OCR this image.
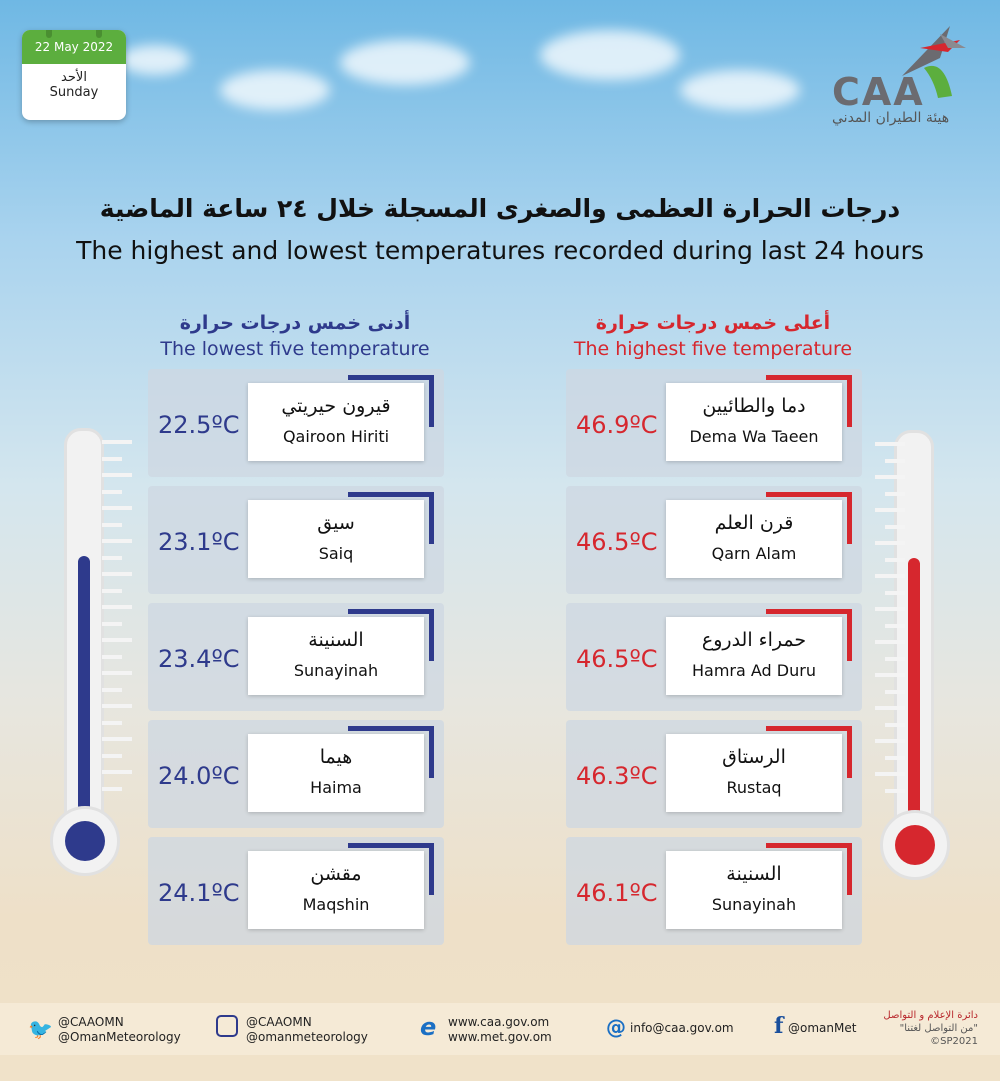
22 May 2022
الأحد
Sunday	CAA
هيئة الطيران المدني
درجات الحرارة العظمى والصغرى المسجلة خلال ٢٤ ساعة الماضية
The highest and lowest temperatures recorded during last 24 hours
أدنى خمس درجات حرارة
The lowest five temperature
أعلى خمس درجات حرارة
The highest five temperature
22.5ºC
قيرون حيريتي
Qairoon Hiriti
23.1ºC
سيق
Saiq
23.4ºC
السنينة
Sunayinah
24.0ºC
هيما
Haima
24.1ºC
مقشن
Maqshin
46.9ºC
دما والطائيين
Dema Wa Taeen
46.5ºC
قرن العلم
Qarn Alam
46.5ºC
حمراء الدروع
Hamra Ad Duru
46.3ºC
الرستاق
Rustaq
46.1ºC
السنينة
Sunayinah
🐦 @CAAOMN
@OmanMeteorology
@CAAOMN
@omanmeteorology e www.caa.gov.om
www.met.gov.om	@ info@caa.gov.om f @omanMet
دائرة الإعلام و التواصل
"من التواصل لغتنا"
©SP2021
